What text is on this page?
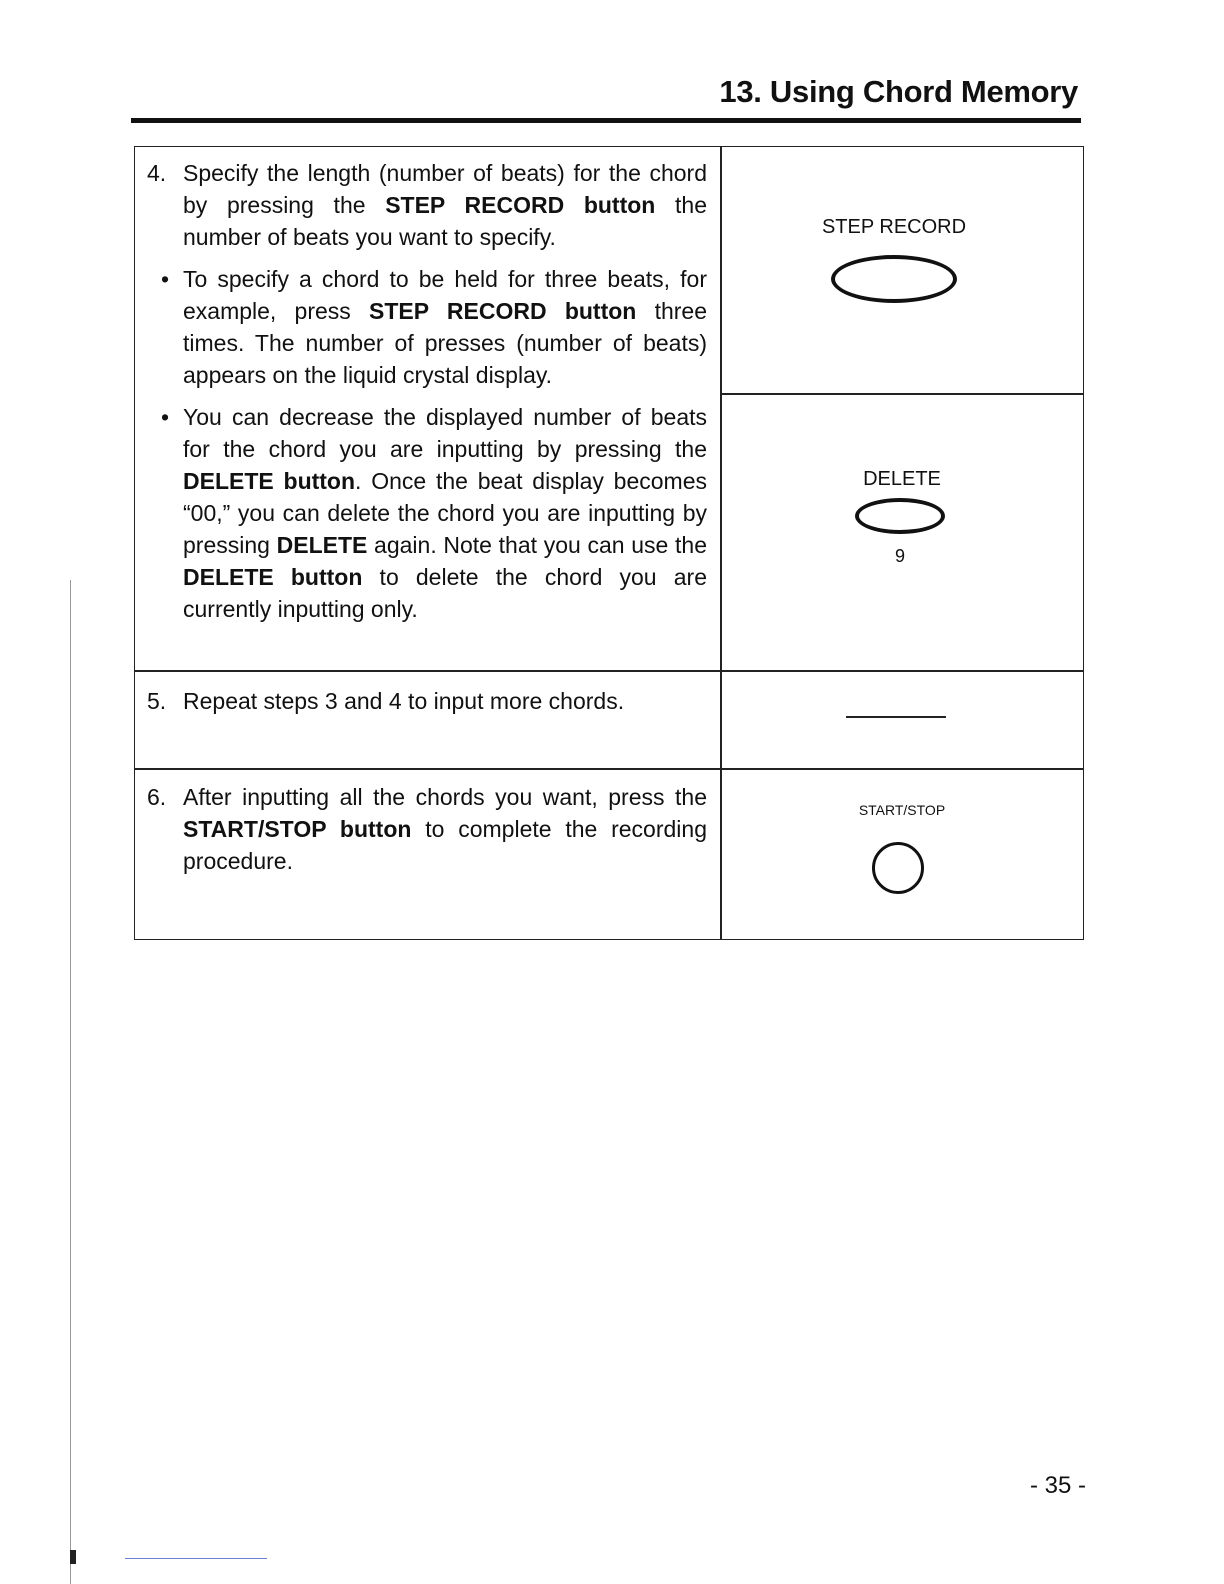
13. Using Chord Memory
4. Specify the length (number of beats) for the chord by pressing the STEP RECORD button the number of beats you want to specify.
• To specify a chord to be held for three beats, for example, press STEP RECORD button three times. The number of presses (number of beats) appears on the liquid crystal display.
• You can decrease the displayed number of beats for the chord you are inputting by pressing the DELETE button. Once the beat display becomes “00,” you can delete the chord you are inputting by pressing DELETE again. Note that you can use the DELETE button to delete the chord you are currently inputting only.
5. Repeat steps 3 and 4 to input more chords.
6. After inputting all the chords you want, press the START/STOP button to complete the recording procedure.
STEP RECORD
DELETE
9
START/STOP
- 35 -
